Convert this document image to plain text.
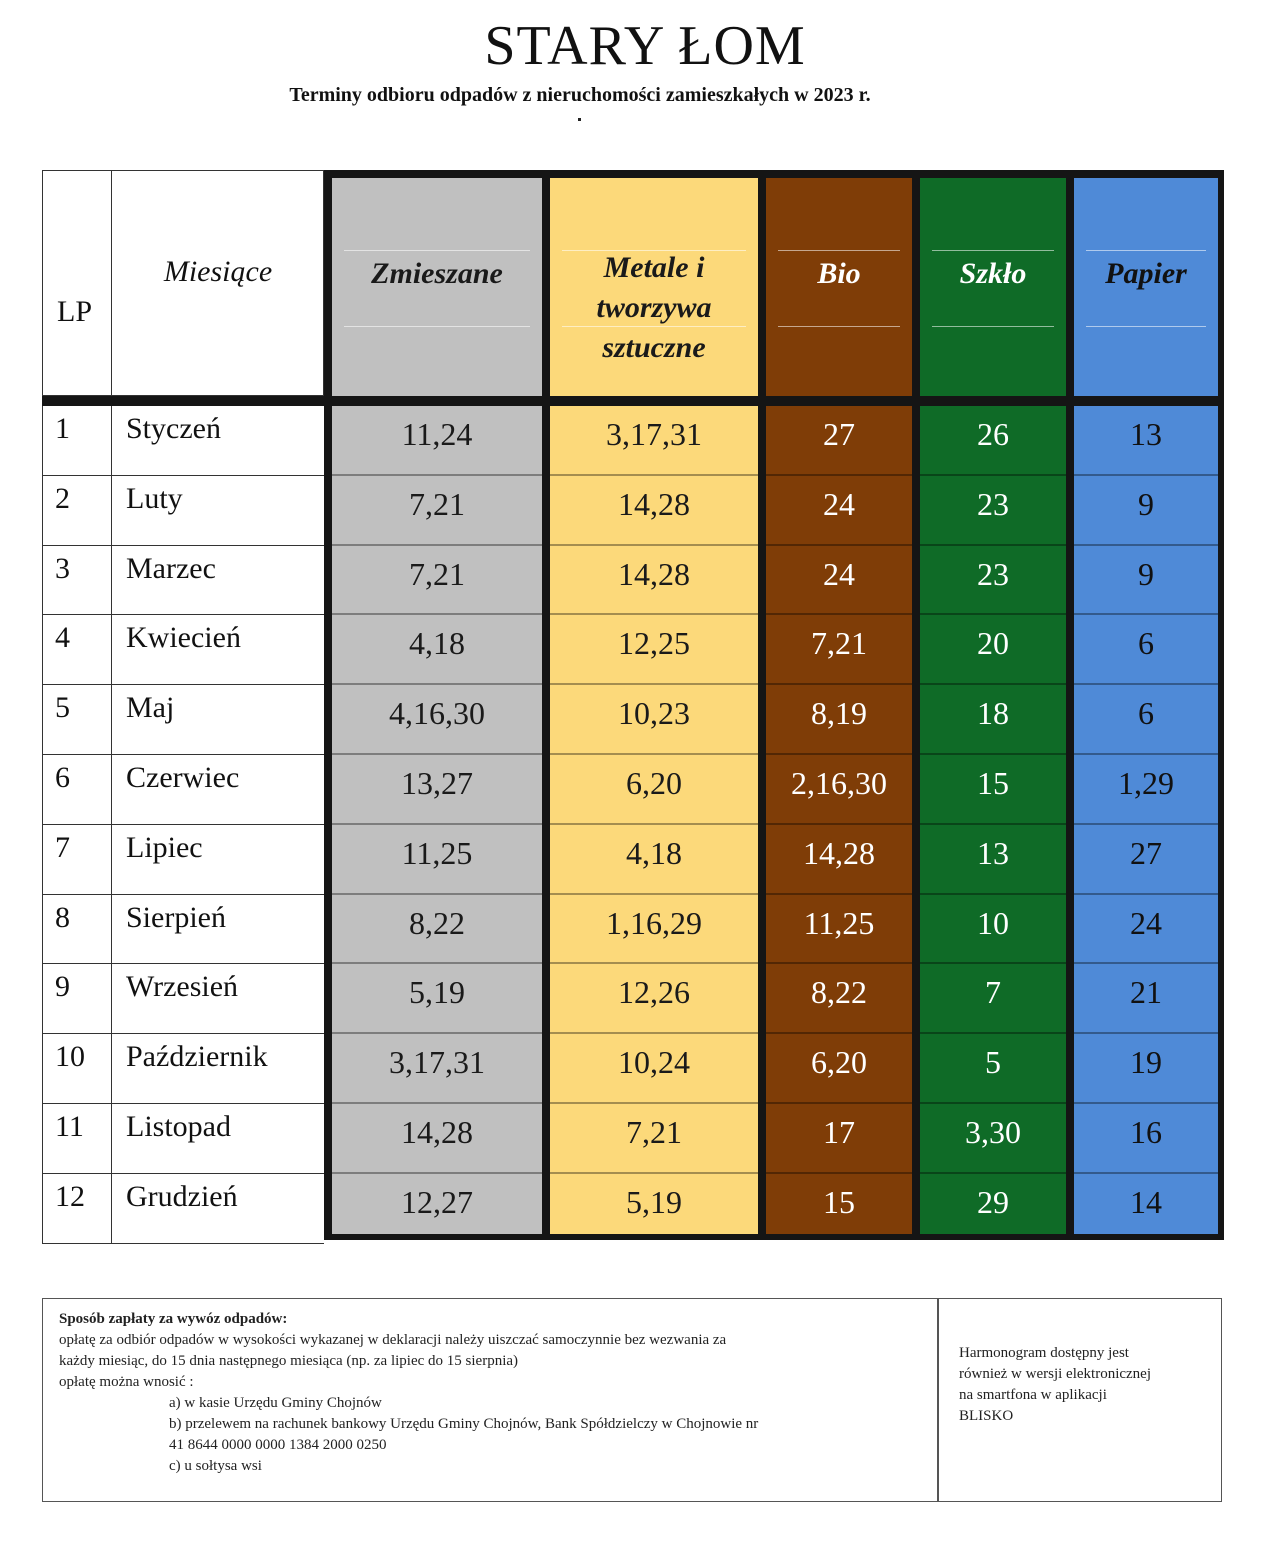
STARY ŁOM
Terminy odbioru odpadów z nieruchomości zamieszkałych w 2023 r.
LP
Miesiące	Zmieszane
11,24
7,21
7,21
4,18
4,16,30
13,27
11,25
8,22
5,19
3,17,31
14,28
12,27
Metale i
tworzywa
sztuczne
3,17,31
14,28
14,28
12,25
10,23
6,20
4,18
1,16,29
12,26
10,24
7,21
5,19
Bio
27
24
24
7,21
8,19
2,16,30
14,28
11,25
8,22
6,20
17
15
Szkło
26
23
23
20
18
15
13
10
7
5
3,30
29
Papier
13
9
9
6
6
1,29
27
24
21
19
16
14
1 Styczeń
2 Luty
3 Marzec
4 Kwiecień
5 Maj
6 Czerwiec
7 Lipiec
8 Sierpień
9 Wrzesień
10 Październik
11 Listopad
12 Grudzień
Sposób zapłaty za wywóz odpadów:
opłatę za odbiór odpadów w wysokości wykazanej w deklaracji należy uiszczać samoczynnie bez wezwania za
każdy miesiąc, do 15 dnia następnego miesiąca (np. za lipiec do 15 sierpnia)
opłatę można wnosić :
a) w kasie Urzędu Gminy Chojnów
b) przelewem na rachunek bankowy Urzędu Gminy Chojnów, Bank Spółdzielczy w Chojnowie nr
41 8644 0000 0000 1384 2000 0250
c) u sołtysa wsi
Harmonogram dostępny jest
również w wersji elektronicznej
na smartfona w aplikacji
BLISKO
